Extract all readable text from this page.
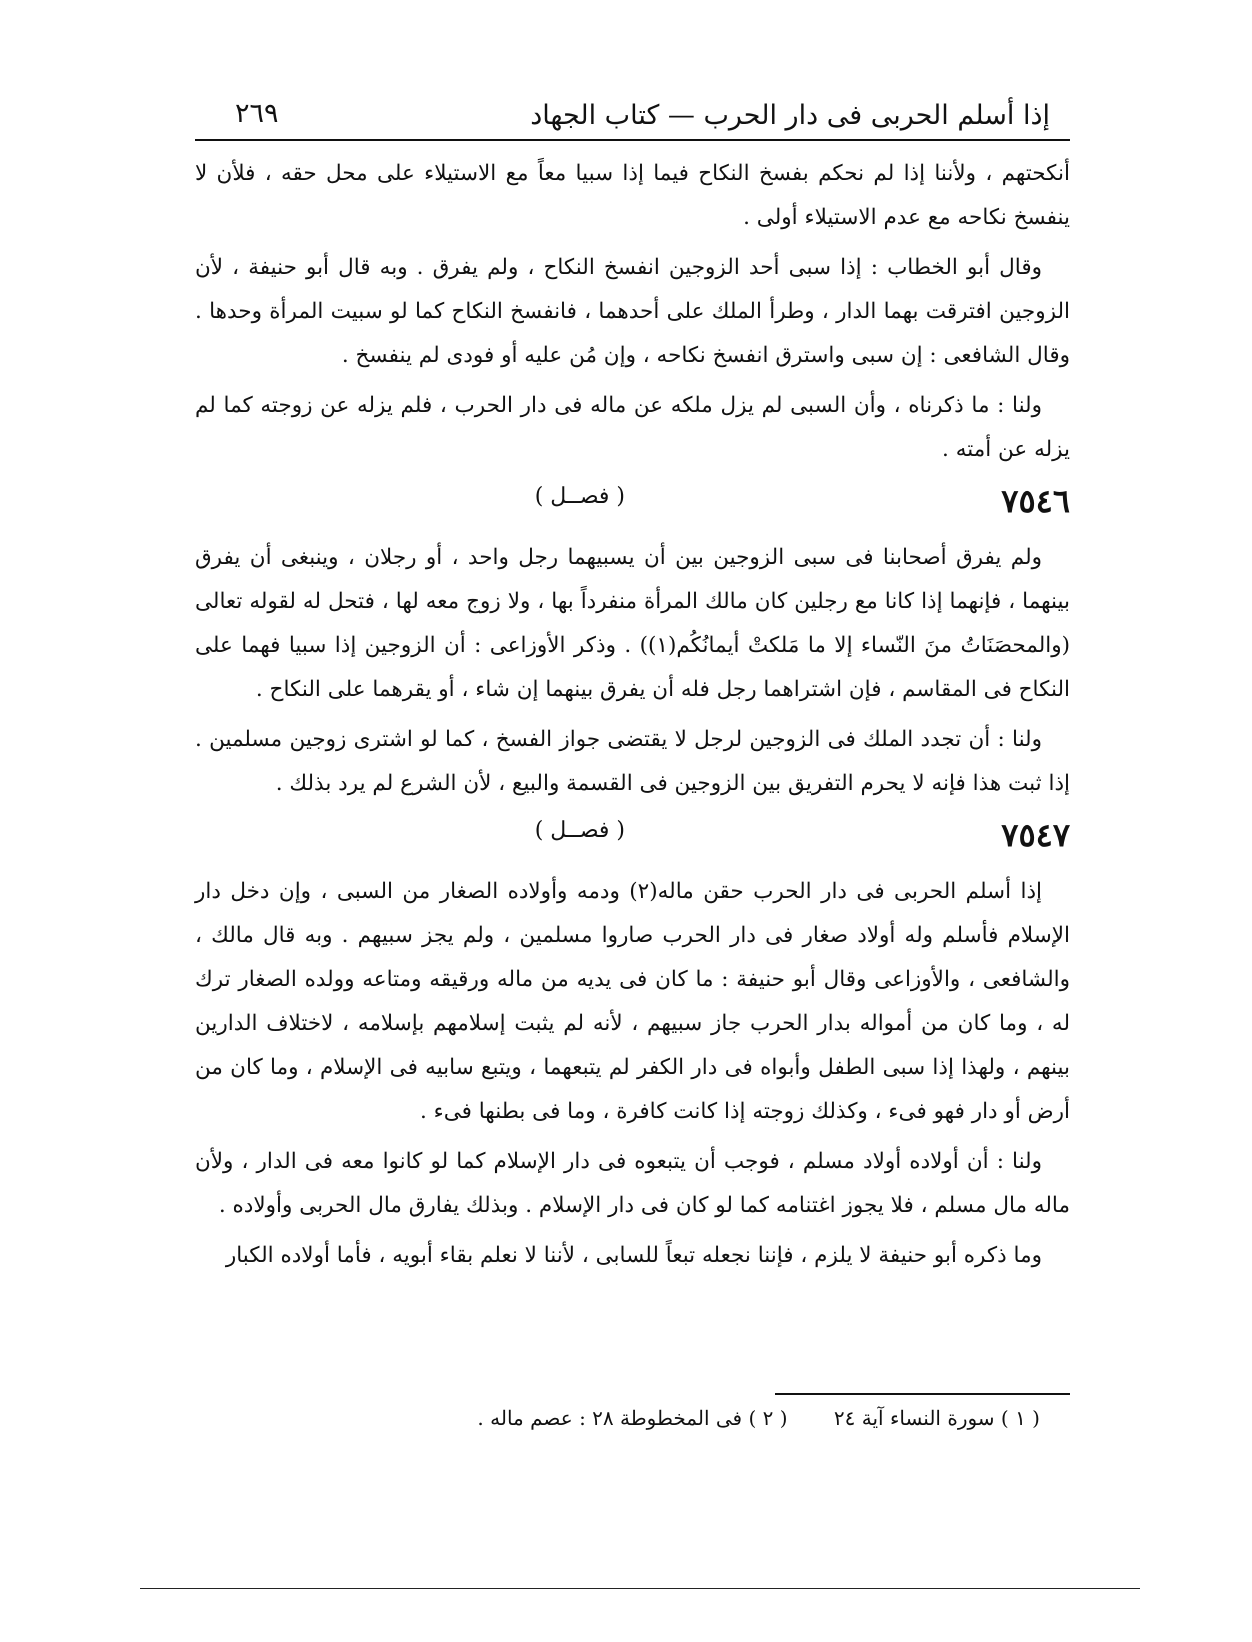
إذا أسلم الحربى فى دار الحرب — كتاب الجهاد
٢٦٩

أنكحتهم ، ولأننا إذا لم نحكم بفسخ النكاح فيما إذا سبيا معاً مع الاستيلاء على محل حقه ، فلأن لا ينفسخ نكاحه مع عدم الاستيلاء أولى .

وقال أبو الخطاب : إذا سبى أحد الزوجين انفسخ النكاح ، ولم يفرق . وبه قال أبو حنيفة ، لأن الزوجين افترقت بهما الدار ، وطرأ الملك على أحدهما ، فانفسخ النكاح كما لو سبيت المرأة وحدها . وقال الشافعى : إن سبى واسترق انفسخ نكاحه ، وإن مُن عليه أو فودى لم ينفسخ .

ولنا : ما ذكرناه ، وأن السبى لم يزل ملكه عن ماله فى دار الحرب ، فلم يزله عن زوجته كما لم يزله عن أمته .

٧٥٤٦
( فصــل )

ولم يفرق أصحابنا فى سبى الزوجين بين أن يسبيهما رجل واحد ، أو رجلان ، وينبغى أن يفرق بينهما ، فإنهما إذا كانا مع رجلين كان مالك المرأة منفرداً بها ، ولا زوج معه لها ، فتحل له لقوله تعالى (والمحصَنَاتُ منَ النّساء إلا ما مَلكتْ أيمانُكُم(١)) . وذكر الأوزاعى : أن الزوجين إذا سبيا فهما على النكاح فى المقاسم ، فإن اشتراهما رجل فله أن يفرق بينهما إن شاء ، أو يقرهما على النكاح .

ولنا : أن تجدد الملك فى الزوجين لرجل لا يقتضى جواز الفسخ ، كما لو اشترى زوجين مسلمين . إذا ثبت هذا فإنه لا يحرم التفريق بين الزوجين فى القسمة والبيع ، لأن الشرع لم يرد بذلك .

٧٥٤٧
( فصــل )

إذا أسلم الحربى فى دار الحرب حقن ماله(٢) ودمه وأولاده الصغار من السبى ، وإن دخل دار الإسلام فأسلم وله أولاد صغار فى دار الحرب صاروا مسلمين ، ولم يجز سبيهم . وبه قال مالك ، والشافعى ، والأوزاعى وقال أبو حنيفة : ما كان فى يديه من ماله ورقيقه ومتاعه وولده الصغار ترك له ، وما كان من أمواله بدار الحرب جاز سبيهم ، لأنه لم يثبت إسلامهم بإسلامه ، لاختلاف الدارين بينهم ، ولهذا إذا سبى الطفل وأبواه فى دار الكفر لم يتبعهما ، ويتبع سابيه فى الإسلام ، وما كان من أرض أو دار فهو فىء ، وكذلك زوجته إذا كانت كافرة ، وما فى بطنها فىء .

ولنا : أن أولاده أولاد مسلم ، فوجب أن يتبعوه فى دار الإسلام كما لو كانوا معه فى الدار ، ولأن ماله مال مسلم ، فلا يجوز اغتنامه كما لو كان فى دار الإسلام . وبذلك يفارق مال الحربى وأولاده .

وما ذكره أبو حنيفة لا يلزم ، فإننا نجعله تبعاً للسابى ، لأننا لا نعلم بقاء أبويه ، فأما أولاده الكبار

( ١ ) سورة النساء آية ٢٤ ( ٢ ) فى المخطوطة ٢٨ : عصم ماله .
